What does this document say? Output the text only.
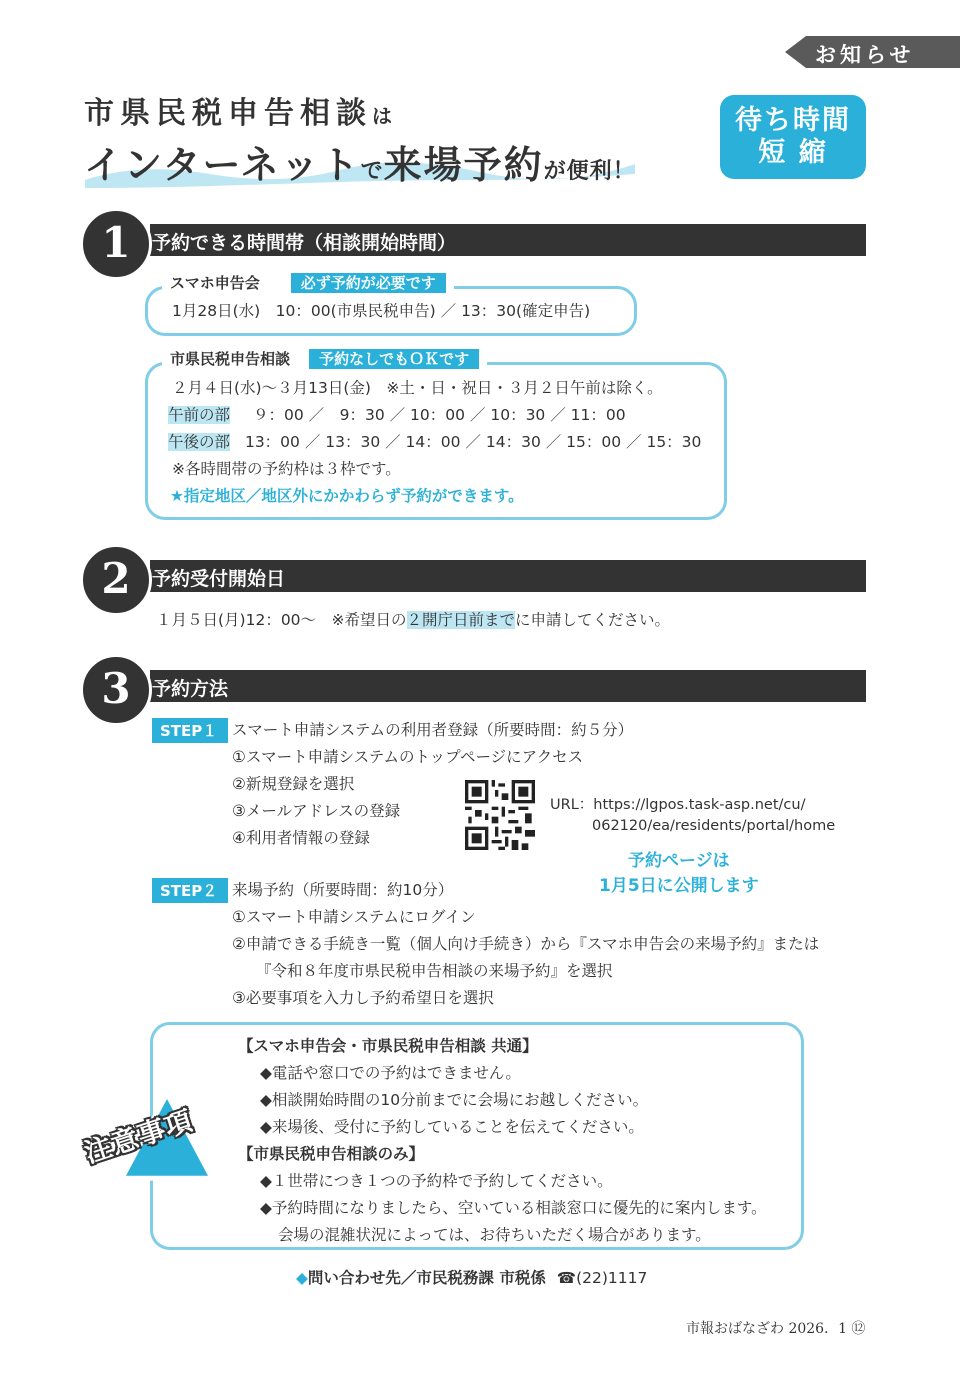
お知らせ
市県民税申告相談は
インターネットで来場予約が便利！
待ち時間
短 縮
予約できる時間帯（相談開始時間）
1
スマホ申告会	必ず予約が必要です
1月28日(水)　10：00(市県民税申告) ／ 13：30(確定申告)
市県民税申告相談 予約なしでもＯＫです
２月４日(水)～３月13日(金)　※土・日・祝日・３月２日午前は除く。
午前の部 ９：00 ／　9：30 ／ 10：00 ／ 10：30 ／ 11：00
午後の部 13：00 ／ 13：30 ／ 14：00 ／ 14：30 ／ 15：00 ／ 15：30
※各時間帯の予約枠は３枠です。
★指定地区／地区外にかかわらず予約ができます。
予約受付開始日
2
１月５日(月)12：00～　※希望日の２開庁日前までに申請してください。
予約方法
3
STEP１ スマート申請システムの利用者登録（所要時間：約５分）
①スマート申請システムのトップページにアクセス
②新規登録を選択
③メールアドレスの登録
④利用者情報の登録
URL：https://lgpos.task-asp.net/cu/
062120/ea/residents/portal/home
予約ページは
1月5日に公開します
STEP２ 来場予約（所要時間：約10分）
①スマート申請システムにログイン
②申請できる手続き一覧（個人向け手続き）から『スマホ申告会の来場予約』または
『令和８年度市県民税申告相談の来場予約』を選択
③必要事項を入力し予約希望日を選択
注意事項
【スマホ申告会・市県民税申告相談 共通】
◆電話や窓口での予約はできません。
◆相談開始時間の10分前までに会場にお越しください。
◆来場後、受付に予約していることを伝えてください。
【市県民税申告相談のみ】
◆１世帯につき１つの予約枠で予約してください。
◆予約時間になりましたら、空いている相談窓口に優先的に案内します。
会場の混雑状況によっては、お待ちいただく場合があります。
◆問い合わせ先／市民税務課 市税係 ☎(22)1117
市報おばなざわ 2026．1 ⑫
